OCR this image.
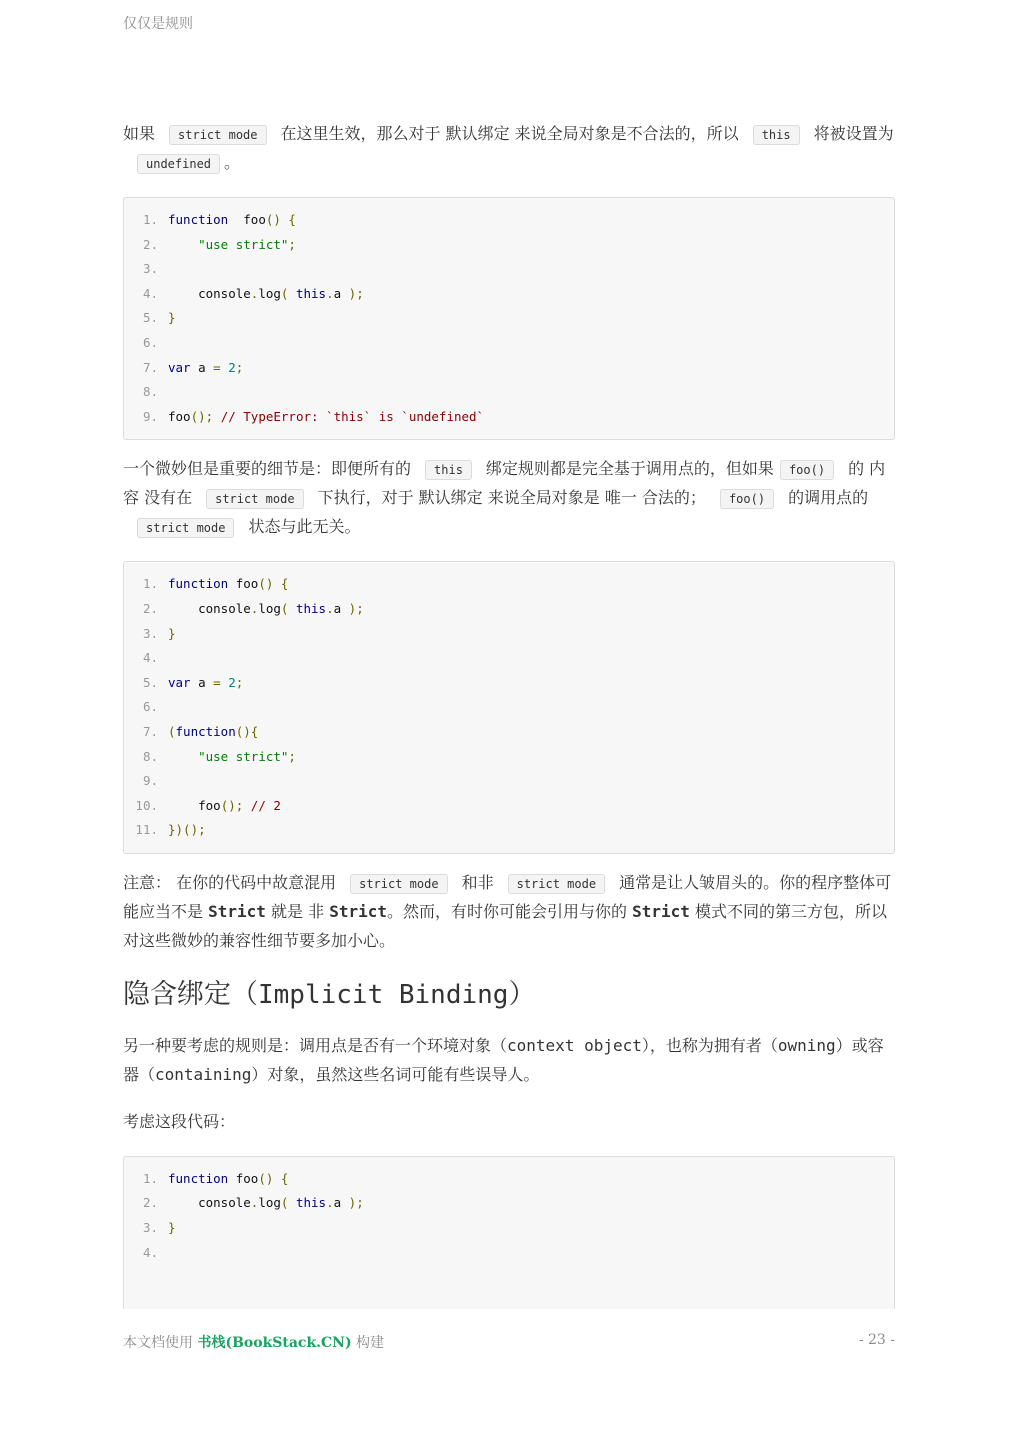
仅仅是规则

如果 strict mode 在这里生效，那么对于 默认绑定 来说全局对象是不合法的，所以 this 将被设置为undefined 。

1. function  foo() {
2.	"use strict";
3.
4. console.log( this.a );
5. }
6.
7. var a = 2;
8.
9. foo(); // TypeError: `this` is `undefined`

一个微妙但是重要的细节是：即便所有的 this 绑定规则都是完全基于调用点的，但如果 foo() 的 内容 没有在 strict mode 下执行，对于 默认绑定 来说全局对象是 唯一 合法的； foo() 的调用点的strict mode 状态与此无关。

1. function foo() {
2. console.log( this.a );
3. }
4.
5. var a = 2;
6.
7. (function(){
8.	"use strict";
9.
10. foo(); // 2
11. })();

注意： 在你的代码中故意混用 strict mode 和非 strict mode 通常是让人皱眉头的。你的程序整体可能应当不是 Strict 就是 非 Strict。然而，有时你可能会引用与你的 Strict 模式不同的第三方包，所以对这些微妙的兼容性细节要多加小心。

隐含绑定（Implicit Binding）

另一种要考虑的规则是：调用点是否有一个环境对象（context object），也称为拥有者（owning）或容器（containing）对象，虽然这些名词可能有些误导人。

考虑这段代码：

1. function foo() {
2. console.log( this.a );
3. }
4.
本文档使用 书栈(BookStack.CN) 构建	- 23 -
